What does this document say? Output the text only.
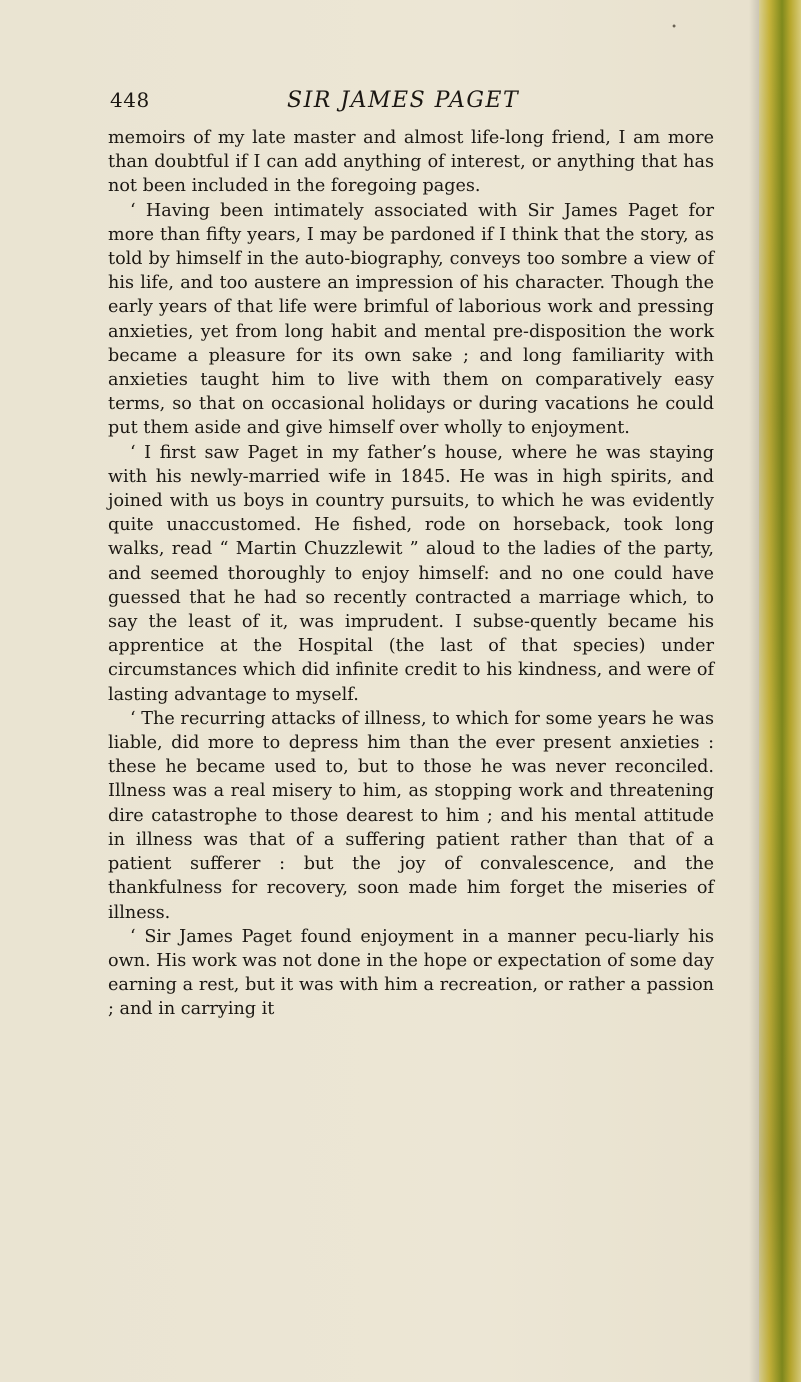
•
448	SIR JAMES PAGET

memoirs of my late master and almost life-long friend, I am more than doubtful if I can add anything of interest, or anything that has not been included in the foregoing pages.

‘ Having been intimately associated with Sir James Paget for more than fifty years, I may be pardoned if I think that the story, as told by himself in the auto-biography, conveys too sombre a view of his life, and too austere an impression of his character. Though the early years of that life were brimful of laborious work and pressing anxieties, yet from long habit and mental pre-disposition the work became a pleasure for its own sake ; and long familiarity with anxieties taught him to live with them on comparatively easy terms, so that on occasional holidays or during vacations he could put them aside and give himself over wholly to enjoyment.

‘ I first saw Paget in my father’s house, where he was staying with his newly-married wife in 1845. He was in high spirits, and joined with us boys in country pursuits, to which he was evidently quite unaccustomed. He fished, rode on horseback, took long walks, read “ Martin Chuzzlewit ” aloud to the ladies of the party, and seemed thoroughly to enjoy himself: and no one could have guessed that he had so recently contracted a marriage which, to say the least of it, was imprudent. I subse-quently became his apprentice at the Hospital (the last of that species) under circumstances which did infinite credit to his kindness, and were of lasting advantage to myself.

‘ The recurring attacks of illness, to which for some years he was liable, did more to depress him than the ever present anxieties : these he became used to, but to those he was never reconciled. Illness was a real misery to him, as stopping work and threatening dire catastrophe to those dearest to him ; and his mental attitude in illness was that of a suffering patient rather than that of a patient sufferer : but the joy of convalescence, and the thankfulness for recovery, soon made him forget the miseries of illness.

‘ Sir James Paget found enjoyment in a manner pecu-liarly his own. His work was not done in the hope or expectation of some day earning a rest, but it was with him a recreation, or rather a passion ; and in carrying it
